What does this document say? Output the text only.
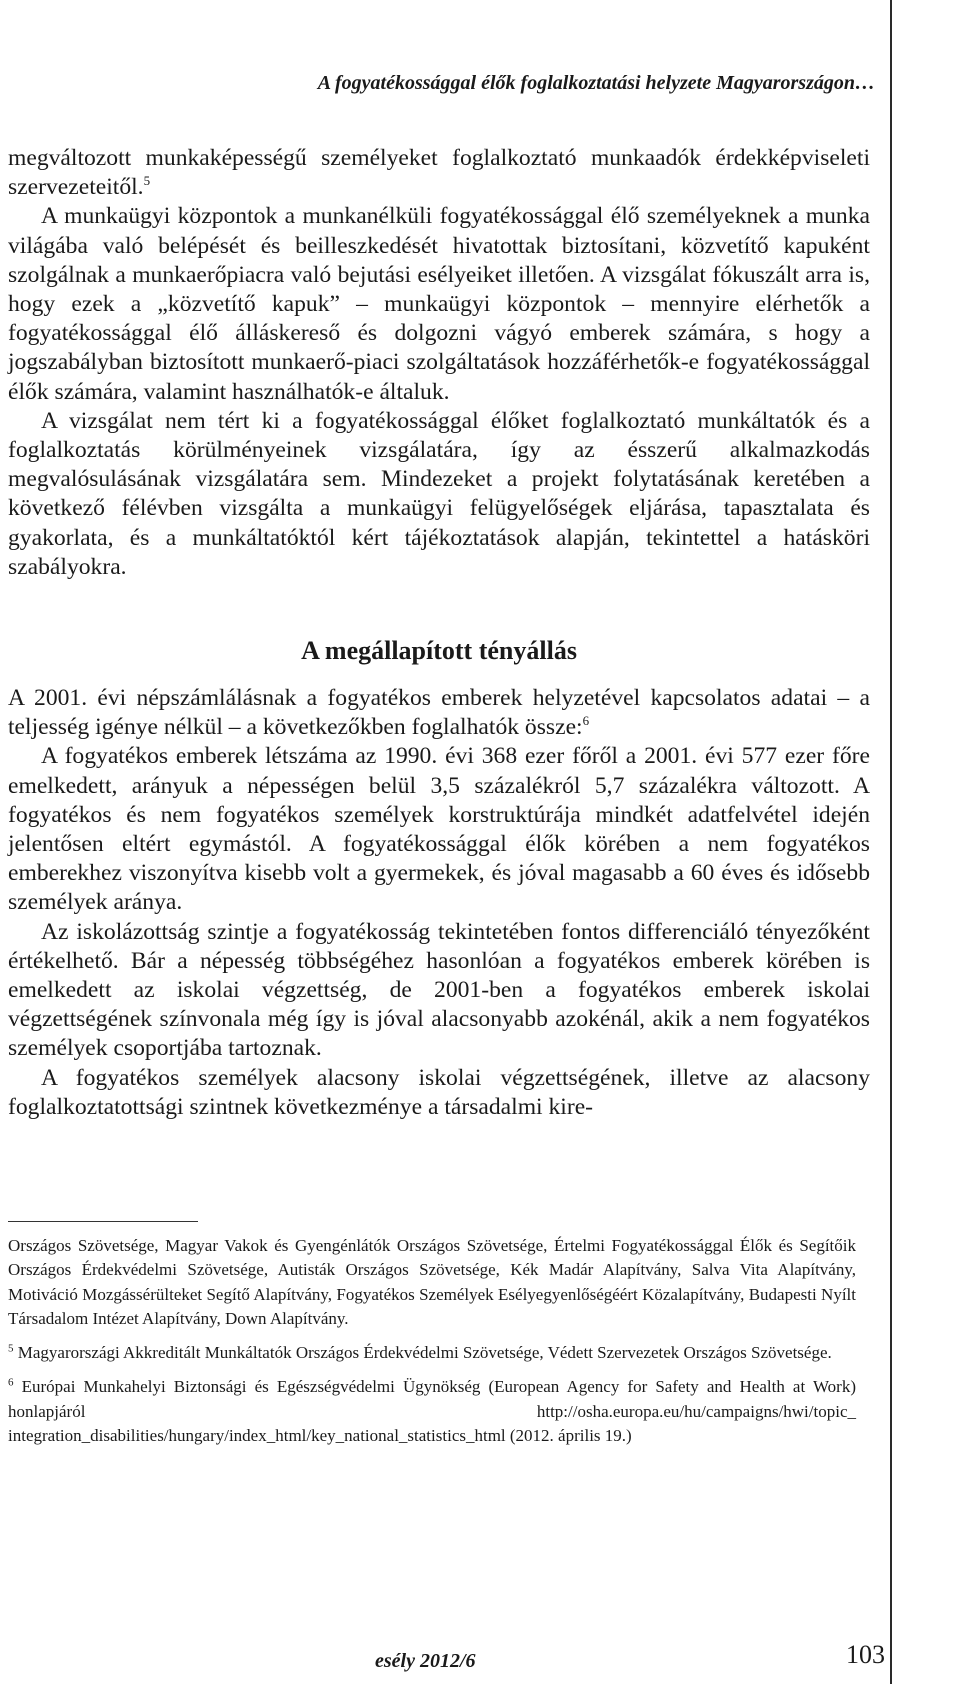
A fogyatékossággal élők foglalkoztatási helyzete Magyarországon…

megváltozott munkaképességű személyeket foglalkoztató munkaadók érdekképviseleti szervezeteitől.$^5$

A munkaügyi központok a munkanélküli fogyatékossággal élő személyeknek a munka világába való belépését és beilleszkedését hivatottak biztosítani, közvetítő kapuként szolgálnak a munkaerőpiacra való bejutási esélyeiket illetően. A vizsgálat fókuszált arra is, hogy ezek a „közvetítő kapuk” – munkaügyi központok – mennyire elérhetők a fogyatékossággal élő álláskereső és dolgozni vágyó emberek számára, s hogy a jogszabályban biztosított munkaerő-piaci szolgáltatások hozzáférhetők-e fogyatékossággal élők számára, valamint használhatók-e általuk.

A vizsgálat nem tért ki a fogyatékossággal élőket foglalkoztató munkáltatók és a foglalkoztatás körülményeinek vizsgálatára, így az ésszerű alkalmazkodás megvalósulásának vizsgálatára sem. Mindezeket a projekt folytatásának keretében a következő félévben vizsgálta a munkaügyi felügyelőségek eljárása, tapasztalata és gyakorlata, és a munkáltatóktól kért tájékoztatások alapján, tekintettel a hatásköri szabályokra.

A megállapított tényállás

A 2001. évi népszámlálásnak a fogyatékos emberek helyzetével kapcsolatos adatai – a teljesség igénye nélkül – a következőkben foglalhatók össze:$^6$

A fogyatékos emberek létszáma az 1990. évi 368 ezer főről a 2001. évi 577 ezer főre emelkedett, arányuk a népességen belül 3,5 százalékról 5,7 százalékra változott. A fogyatékos és nem fogyatékos személyek korstruktúrája mindkét adatfelvétel idején jelentősen eltért egymástól. A fogyatékossággal élők körében a nem fogyatékos emberekhez viszonyítva kisebb volt a gyermekek, és jóval magasabb a 60 éves és idősebb személyek aránya.

Az iskolázottság szintje a fogyatékosság tekintetében fontos differenciáló tényezőként értékelhető. Bár a népesség többségéhez hasonlóan a fogyatékos emberek körében is emelkedett az iskolai végzettség, de 2001-ben a fogyatékos emberek iskolai végzettségének színvonala még így is jóval alacsonyabb azokénál, akik a nem fogyatékos személyek csoportjába tartoznak.

A fogyatékos személyek alacsony iskolai végzettségének, illetve az alacsony foglalkoztatottsági szintnek következménye a társadalmi kire-

Országos Szövetsége, Magyar Vakok és Gyengénlátók Országos Szövetsége, Értelmi Fogyatékossággal Élők és Segítőik Országos Érdekvédelmi Szövetsége, Autisták Országos Szövetsége, Kék Madár Alapítvány, Salva Vita Alapítvány, Motiváció Mozgássérülteket Segítő Alapítvány, Fogyatékos Személyek Esélyegyenlőségéért Közalapítvány, Budapesti Nyílt Társadalom Intézet Alapítvány, Down Alapítvány.

$^5$ Magyarországi Akkreditált Munkáltatók Országos Érdekvédelmi Szövetsége, Védett Szervezetek Országos Szövetsége.

$^6$ Európai Munkahelyi Biztonsági és Egészségvédelmi Ügynökség (European Agency for Safety and Health at Work) honlapjáról http://osha.europa.eu/hu/campaigns/hwi/topic_ integration_disabilities/hungary/index_html/key_national_statistics_html (2012. április 19.)

esély 2012/6	103
